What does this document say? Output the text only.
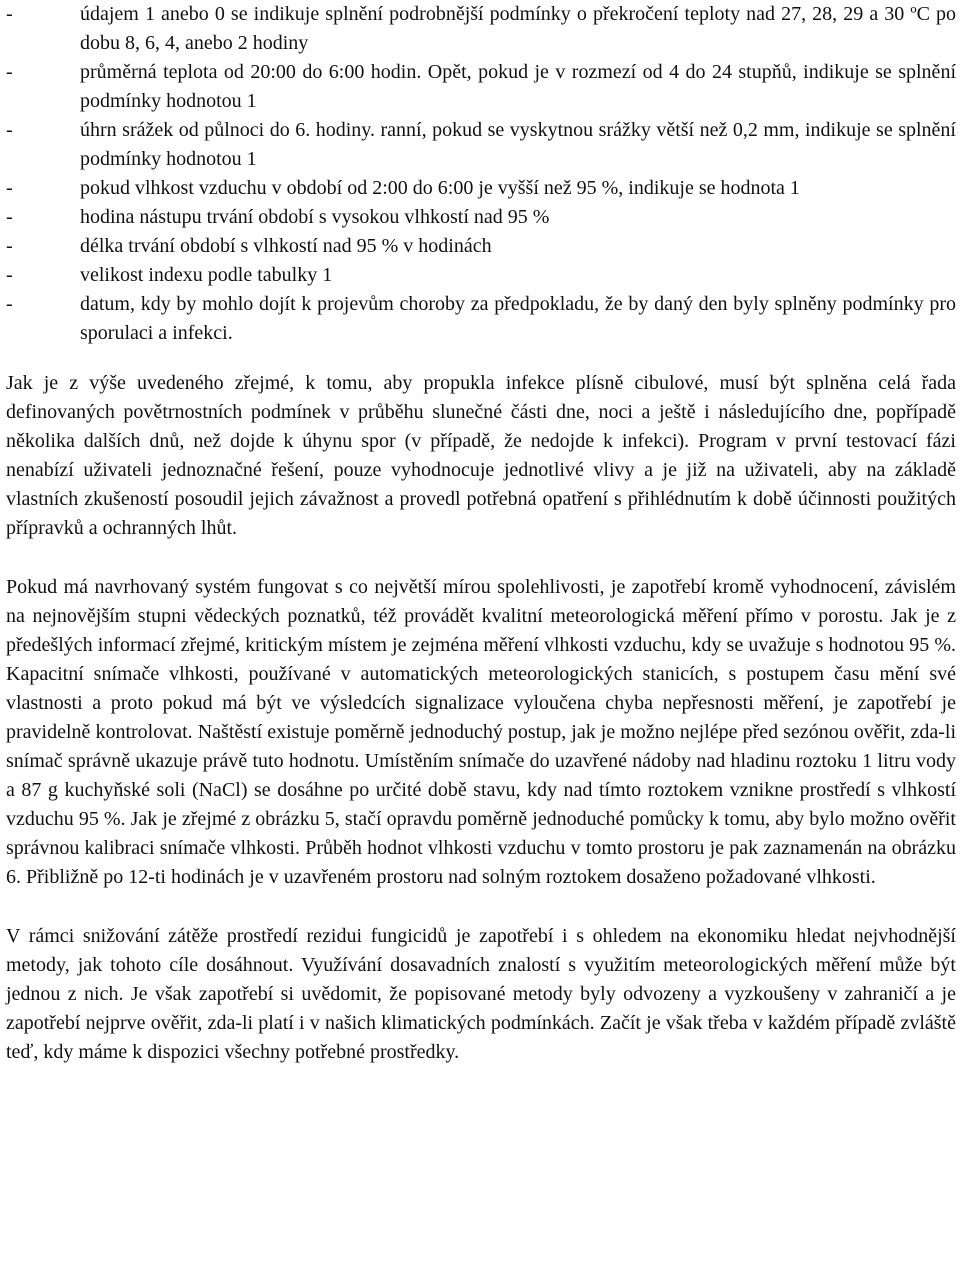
-	údajem 1 anebo 0 se indikuje splnění podrobnější podmínky o překročení teploty nad 27, 28, 29 a 30 ºC po dobu 8, 6, 4, anebo 2 hodiny
-	průměrná teplota od 20:00 do 6:00 hodin. Opět, pokud je v rozmezí od 4 do 24 stupňů, indikuje se splnění podmínky hodnotou 1
-	úhrn srážek od půlnoci do 6. hodiny. ranní, pokud se vyskytnou srážky větší než 0,2 mm, indikuje se splnění podmínky hodnotou 1
-	pokud vlhkost vzduchu v období od 2:00 do 6:00 je vyšší než 95 %, indikuje se hodnota 1
-	hodina nástupu trvání období s vysokou vlhkostí nad 95 %
-	délka trvání období s vlhkostí nad 95 % v hodinách
-	velikost indexu podle tabulky 1
-	datum, kdy by mohlo dojít k projevům choroby za předpokladu, že by daný den byly splněny podmínky pro sporulaci a infekci.

Jak je z výše uvedeného zřejmé, k tomu, aby propukla infekce plísně cibulové, musí být splněna celá řada definovaných povětrnostních podmínek v průběhu slunečné části dne, noci a ještě i následujícího dne, popřípadě několika dalších dnů, než dojde k úhynu spor (v případě, že nedojde k infekci). Program v první testovací fázi nenabízí uživateli jednoznačné řešení, pouze vyhodnocuje jednotlivé vlivy a je již na uživateli, aby na základě vlastních zkušeností posoudil jejich závažnost a provedl potřebná opatření s přihlédnutím k době účinnosti použitých přípravků a ochranných lhůt.

Pokud má navrhovaný systém fungovat s co největší mírou spolehlivosti, je zapotřebí kromě vyhodnocení, závislém na nejnovějším stupni vědeckých poznatků, též provádět kvalitní meteorologická měření přímo v porostu. Jak je z předešlých informací zřejmé, kritickým místem je zejména měření vlhkosti vzduchu, kdy se uvažuje s hodnotou 95 %. Kapacitní snímače vlhkosti, používané v automatických meteorologických stanicích, s postupem času mění své vlastnosti a proto pokud má být ve výsledcích signalizace vyloučena chyba nepřesnosti měření, je zapotřebí je pravidelně kontrolovat. Naštěstí existuje poměrně jednoduchý postup, jak je možno nejlépe před sezónou ověřit, zda-li snímač správně ukazuje právě tuto hodnotu. Umístěním snímače do uzavřené nádoby nad hladinu roztoku 1 litru vody a 87 g kuchyňské soli (NaCl) se dosáhne po určité době stavu, kdy nad tímto roztokem vznikne prostředí s vlhkostí vzduchu 95 %. Jak je zřejmé z obrázku 5, stačí opravdu poměrně jednoduché pomůcky k tomu, aby bylo možno ověřit správnou kalibraci snímače vlhkosti. Průběh hodnot vlhkosti vzduchu v tomto prostoru je pak zaznamenán na obrázku 6. Přibližně po 12-ti hodinách je v uzavřeném prostoru nad solným roztokem dosaženo požadované vlhkosti.

V rámci snižování zátěže prostředí rezidui fungicidů je zapotřebí i s ohledem na ekonomiku hledat nejvhodnější metody, jak tohoto cíle dosáhnout. Využívání dosavadních znalostí s využitím meteorologických měření může být jednou z nich. Je však zapotřebí si uvědomit, že popisované metody byly odvozeny a vyzkoušeny v zahraničí a je zapotřebí nejprve ověřit, zda-li platí i v našich klimatických podmínkách. Začít je však třeba v každém případě zvláště teď, kdy máme k dispozici všechny potřebné prostředky.
